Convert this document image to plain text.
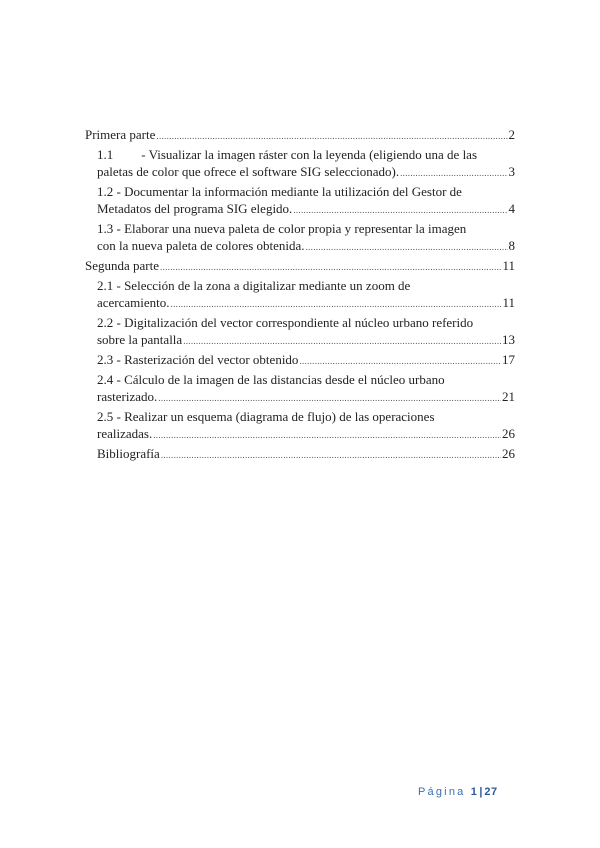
Primera parte .....	2
1.1 - Visualizar la imagen ráster con la leyenda (eligiendo una de las
paletas de color que ofrece el software SIG seleccionado). .....	3
1.2 - Documentar la información mediante la utilización del Gestor de
Metadatos del programa SIG elegido. .....	4
1.3 - Elaborar una nueva paleta de color propia y representar la imagen
con la nueva paleta de colores obtenida. .....	8
Segunda parte .....	11
2.1 - Selección de la zona a digitalizar mediante un zoom de
acercamiento. .....	11
2.2 - Digitalización del vector correspondiente al núcleo urbano referido
sobre la pantalla .....	13
2.3 - Rasterización del vector obtenido .....	17
2.4 - Cálculo de la imagen de las distancias desde el núcleo urbano
rasterizado. .....	21
2.5 - Realizar un esquema (diagrama de flujo) de las operaciones
realizadas. .....	26
Bibliografía .....	26
Página 1 | 27
